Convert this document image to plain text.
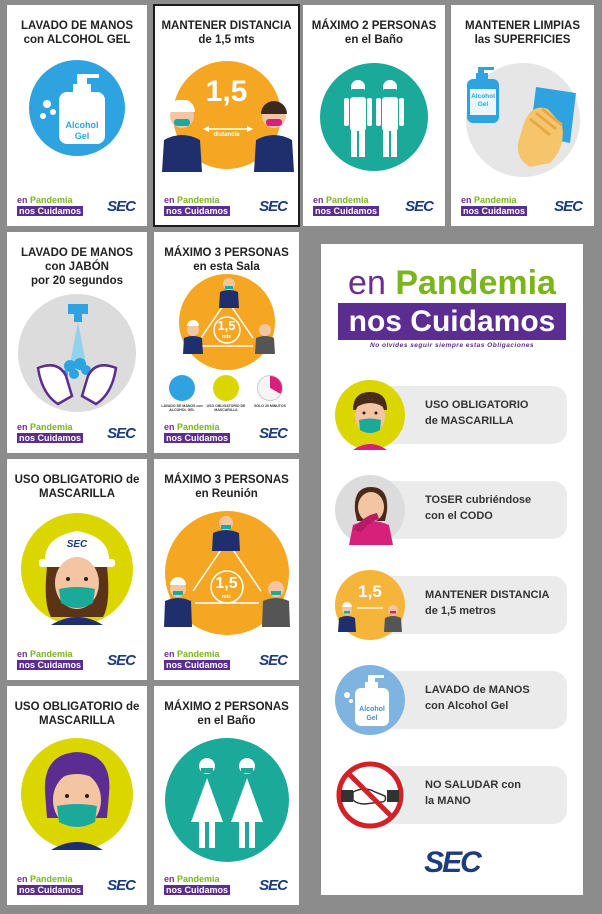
LAVADO DE MANOS
con ALCOHOL GEL
Alcohol
Gel
en Pandemia
nos Cuidamos SEC
MANTENER DISTANCIA
de 1,5 mts
1,5
distancia
en Pandemia
nos Cuidamos SEC
MÁXIMO 2 PERSONAS
en el Baño
en Pandemia
nos Cuidamos SEC
MANTENER LIMPIAS
las SUPERFICIES
Alcohol
Gel
en Pandemia
nos Cuidamos SEC
LAVADO DE MANOS
con JABÓN
por 20 segundos
en Pandemia
nos Cuidamos SEC
MÁXIMO 3 PERSONAS
en esta Sala
1,5
mts
LAVADO DE MANOS con ALCOHOL GEL
USO OBLIGATORIO DE MASCARILLA
SÓLO 20 MINUTOS
en Pandemia
nos Cuidamos SEC
USO OBLIGATORIO de
MASCARILLA
SEC
en Pandemia
nos Cuidamos SEC
MÁXIMO 3 PERSONAS
en Reunión
1,5
mts
en Pandemia
nos Cuidamos SEC
USO OBLIGATORIO de
MASCARILLA
en Pandemia
nos Cuidamos SEC
MÁXIMO 2 PERSONAS
en el Baño
en Pandemia
nos Cuidamos SEC
en Pandemia
nos Cuidamos
No olvides seguir siempre estas Obligaciones
USO OBLIGATORIO
de MASCARILLA
TOSER cubriéndose
con el CODO
1,5	MANTENER DISTANCIA
de 1,5 metros
Alcohol
Gel
LAVADO de MANOS
con Alcohol Gel
NO SALUDAR con
la MANO
SEC
